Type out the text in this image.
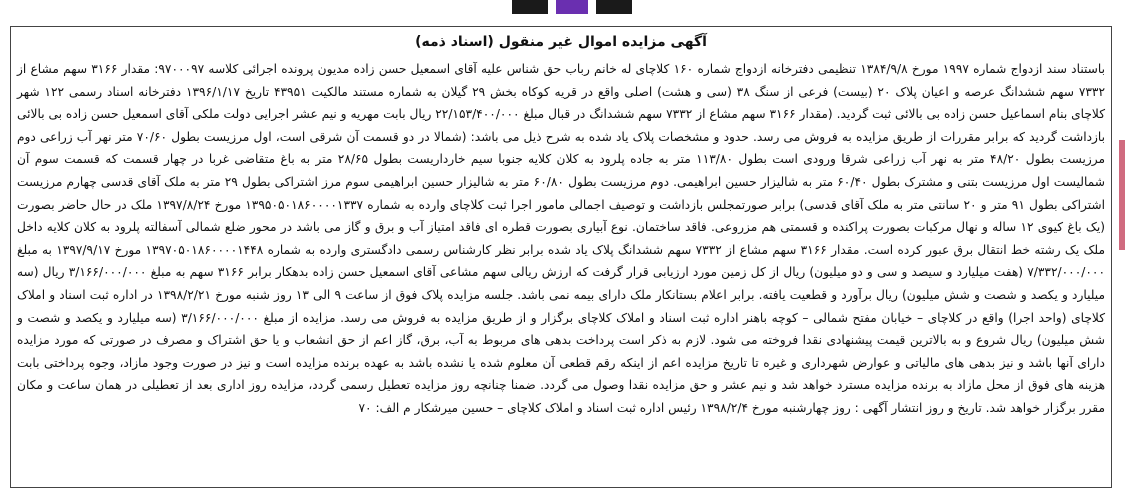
آگهی مزایده اموال غیر منقول (اسناد ذمه)

باستناد سند ازدواج شماره ۱۹۹۷ مورخ ۱۳۸۴/۹/۸ تنظیمی دفترخانه ازدواج شماره ۱۶۰ کلاچای له خانم رباب حق شناس علیه آقای اسمعیل حسن زاده مدیون پرونده اجرائی کلاسه ۹۷۰۰۰۹۷: مقدار ۳۱۶۶ سهم مشاع از ۷۳۳۲ سهم ششدانگ عرصه و اعیان پلاک ۲۰ (بیست) فرعی از سنگ ۳۸ (سی و هشت) اصلی واقع در قریه کوکاه بخش ۲۹ گیلان به شماره مستند مالکیت ۴۳۹۵۱ تاریخ ۱۳۹۶/۱/۱۷ دفترخانه اسناد رسمی ۱۲۲ شهر کلاچای بنام اسماعیل حسن زاده بی بالائی ثبت گردید. (مقدار ۳۱۶۶ سهم مشاع از ۷۳۳۲ سهم ششدانگ در قبال مبلغ ۲۲/۱۵۳/۴۰۰/۰۰۰ ریال بابت مهریه و نیم عشر اجرایی دولت ملکی آقای اسمعیل حسن زاده بی بالائی بازداشت گردید که برابر مقررات از طریق مزایده به فروش می رسد. حدود و مشخصات پلاک یاد شده به شرح ذیل می باشد: (شمالا در دو قسمت آن شرقی است، اول مرزیست بطول ۷۰/۶۰ متر نهر آب زراعی دوم مرزیست بطول ۴۸/۲۰ متر به نهر آب زراعی شرقا ورودی است بطول ۱۱۳/۸۰ متر به جاده پلرود به کلان کلایه جنوبا سیم خارداریست بطول ۲۸/۶۵ متر به باغ متقاضی غربا در چهار قسمت که قسمت سوم آن شمالیست اول مرزیست بتنی و مشترک بطول ۶۰/۴۰ متر به شالیزار حسین ابراهیمی. دوم مرزیست بطول ۶۰/۸۰ متر به شالیزار حسین ابراهیمی سوم مرز اشتراکی بطول ۲۹ متر به ملک آقای قدسی چهارم مرزیست اشتراکی بطول ۹۱ متر و ۲۰ سانتی متر به ملک آقای قدسی) برابر صورتمجلس بازداشت و توصیف اجمالی مامور اجرا ثبت کلاچای وارده به شماره ۱۳۹۵۰۵۰۱۸۶۰۰۰۰۱۳۳۷ مورخ ۱۳۹۷/۸/۲۴ ملک در حال حاضر بصورت (یک باغ کیوی ۱۲ ساله و نهال مرکبات بصورت پراکنده و قسمتی هم مزروعی. فاقد ساختمان. نوع آبیاری بصورت قطره ای فاقد امتیاز آب و برق و گاز می باشد در محور ضلع شمالی آسفالته پلرود به کلان کلایه داخل ملک یک رشته خط انتقال برق عبور کرده است. مقدار ۳۱۶۶ سهم مشاع از ۷۳۳۲ سهم ششدانگ پلاک یاد شده برابر نظر کارشناس رسمی دادگستری وارده به شماره ۱۳۹۷۰۵۰۱۸۶۰۰۰۰۱۴۴۸ مورخ ۱۳۹۷/۹/۱۷ به مبلغ ۷/۳۳۲/۰۰۰/۰۰۰ (هفت میلیارد و سیصد و سی و دو میلیون) ریال از کل زمین مورد ارزیابی قرار گرفت که ارزش ریالی سهم مشاعی آقای اسمعیل حسن زاده بدهکار برابر ۳۱۶۶ سهم به مبلغ ۳/۱۶۶/۰۰۰/۰۰۰ ریال (سه میلیارد و یکصد و شصت و شش میلیون) ریال برآورد و قطعیت یافته. برابر اعلام بستانکار ملک دارای بیمه نمی باشد. جلسه مزایده پلاک فوق از ساعت ۹ الی ۱۳ روز شنبه مورخ ۱۳۹۸/۲/۲۱ در اداره ثبت اسناد و املاک کلاچای (واحد اجرا) واقع در کلاچای – خیابان مفتح شمالی – کوچه باهنر اداره ثبت اسناد و املاک کلاچای برگزار و از طریق مزایده به فروش می رسد. مزایده از مبلغ ۳/۱۶۶/۰۰۰/۰۰۰ (سه میلیارد و یکصد و شصت و شش میلیون) ریال شروع و به بالاترین قیمت پیشنهادی نقدا فروخته می شود. لازم به ذکر است پرداخت بدهی های مربوط به آب، برق، گاز اعم از حق انشعاب و یا حق اشتراک و مصرف در صورتی که مورد مزایده دارای آنها باشد و نیز بدهی های مالیاتی و عوارض شهرداری و غیره تا تاریخ مزایده اعم از اینکه رقم قطعی آن معلوم شده یا نشده باشد به عهده برنده مزایده است و نیز در صورت وجود مازاد، وجوه پرداختی بابت هزینه های فوق از محل مازاد به برنده مزایده مسترد خواهد شد و نیم عشر و حق مزایده نقدا وصول می گردد. ضمنا چنانچه روز مزایده تعطیل رسمی گردد، مزایده روز اداری بعد از تعطیلی در همان ساعت و مکان مقرر برگزار خواهد شد. تاریخ و روز انتشار آگهی : روز چهارشنبه مورخ ۱۳۹۸/۲/۴ رئیس اداره ثبت اسناد و املاک کلاچای – حسین میرشکار م الف: ۷۰
